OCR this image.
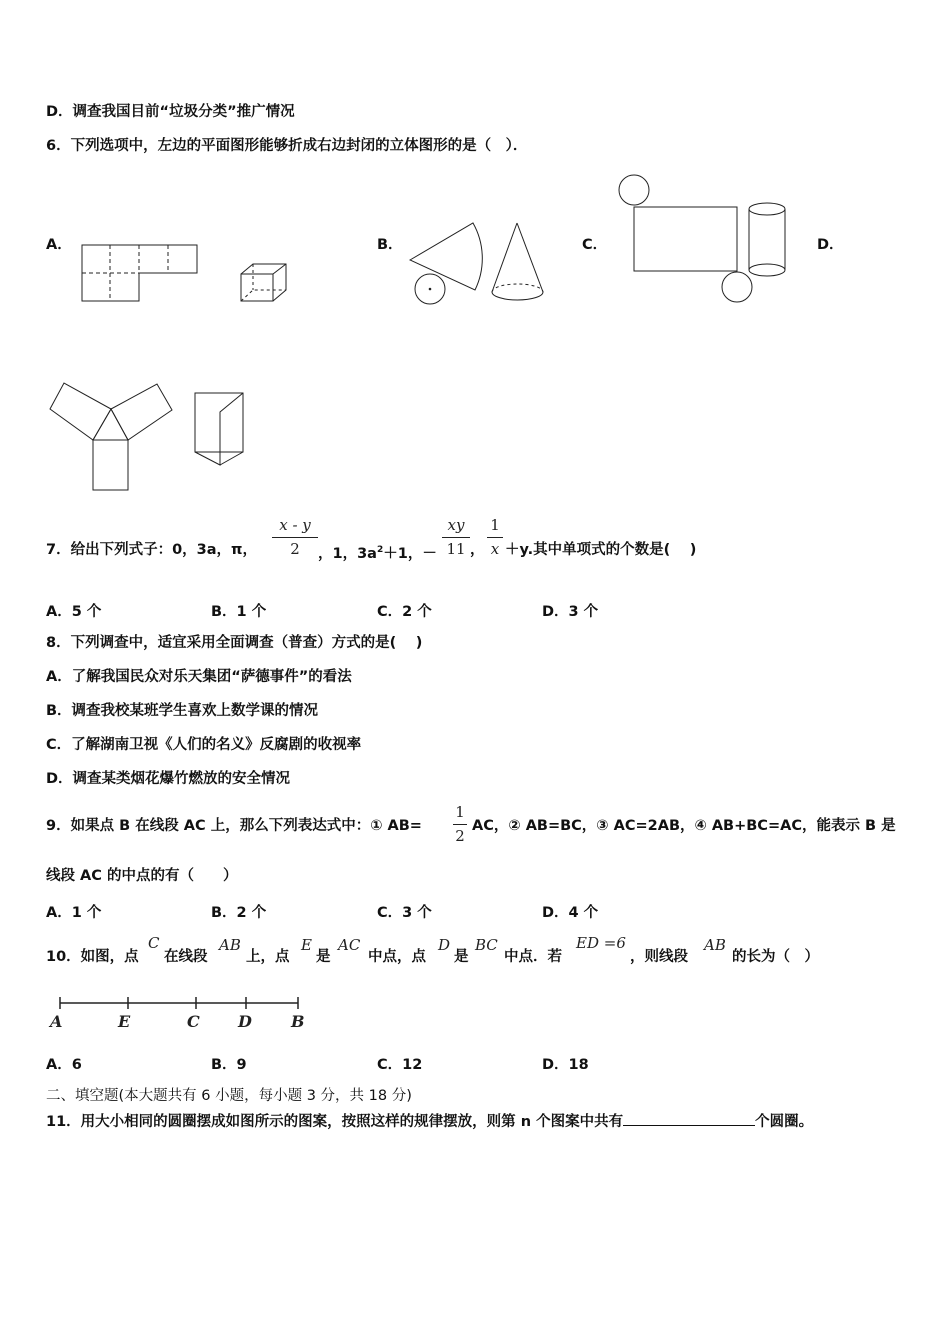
D．调查我国目前“垃圾分类”推广情况
6．下列选项中，左边的平面图形能够折成右边封闭的立体图形的是（　）．
A．	B．	C．	D．
7．给出下列式子：0，3a，π，
x - y
2	，1，$3a^2+1$，－
xy
11 ，
1
x ＋y.其中单项式的个数是(　 )
A．5 个	B．1 个	C．2 个	D．3 个
8．下列调查中，适宜采用全面调查（普查）方式的是(　 )
A．了解我国民众对乐天集团“萨德事件”的看法
B．调查我校某班学生喜欢上数学课的情况
C．了解湖南卫视《人们的名义》反腐剧的收视率
D．调查某类烟花爆竹燃放的安全情况
9．如果点 B 在线段 AC 上，那么下列表达式中：① AB=
1
2
AC，② AB=BC，③ AC=2AB，④ AB+BC=AC，能表示 B 是
线段 AC 的中点的有（　　）
A．1 个	B．2 个	C．3 个	D．4 个
10．如图，点
C
在线段
AB
上，点
E
是
AC
中点，点
D
是
BC
中点．若
ED =6
，则线段
AB
的长为（　）
A	E	C D B
A．6	B．9	C．12	D．18
二、填空题(本大题共有 6 小题，每小题 3 分，共 18 分)
11．用大小相同的圆圈摆成如图所示的图案，按照这样的规律摆放，则第 n 个图案中共有	个圆圈。
